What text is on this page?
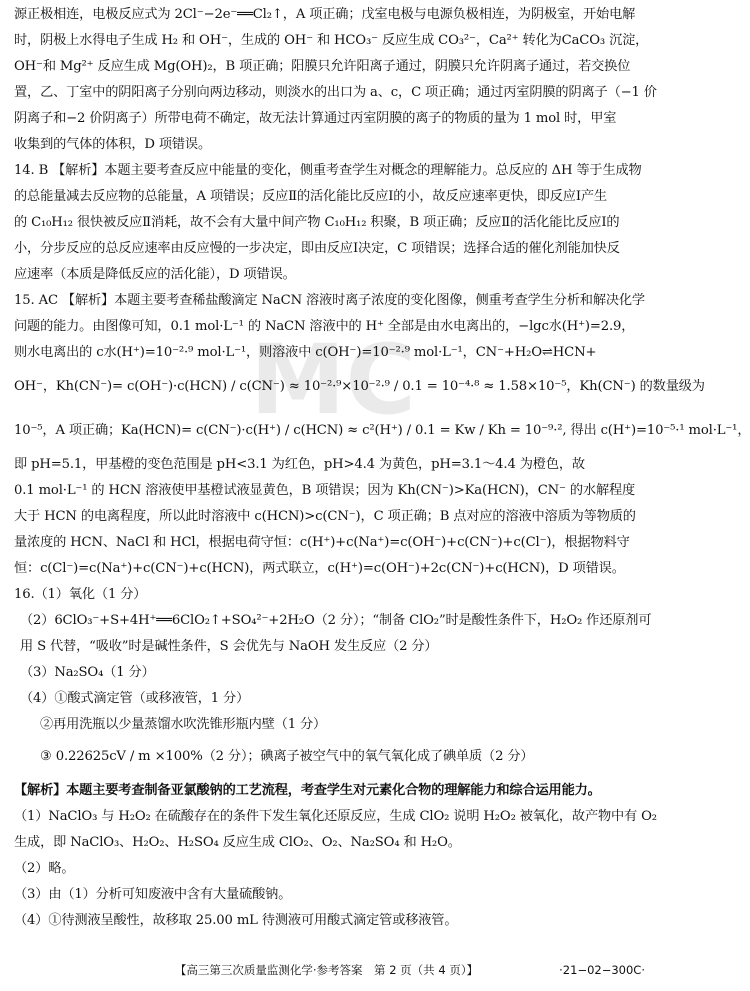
MC
源正极相连，电极反应式为 2Cl⁻−2e⁻══Cl₂↑，A 项正确；戊室电极与电源负极相连，为阴极室，开始电解
时，阴极上水得电子生成 H₂ 和 OH⁻，生成的 OH⁻ 和 HCO₃⁻ 反应生成 CO₃²⁻，Ca²⁺ 转化为CaCO₃ 沉淀，
OH⁻和 Mg²⁺ 反应生成 Mg(OH)₂，B 项正确；阳膜只允许阳离子通过，阴膜只允许阴离子通过，若交换位
置，乙、丁室中的阴阳离子分别向两边移动，则淡水的出口为 a、c，C 项正确；通过丙室阴膜的阴离子（−1 价
阴离子和−2 价阴离子）所带电荷不确定，故无法计算通过丙室阴膜的离子的物质的量为 1 mol 时，甲室
收集到的气体的体积，D 项错误。
14. B 【解析】本题主要考查反应中能量的变化，侧重考查学生对概念的理解能力。总反应的 ΔH 等于生成物
的总能量减去反应物的总能量，A 项错误；反应Ⅱ的活化能比反应Ⅰ的小，故反应速率更快，即反应Ⅰ产生
的 C₁₀H₁₂ 很快被反应Ⅱ消耗，故不会有大量中间产物 C₁₀H₁₂ 积聚，B 项正确；反应Ⅱ的活化能比反应Ⅰ的
小，分步反应的总反应速率由反应慢的一步决定，即由反应Ⅰ决定，C 项错误；选择合适的催化剂能加快反
应速率（本质是降低反应的活化能），D 项错误。
15. AC 【解析】本题主要考查稀盐酸滴定 NaCN 溶液时离子浓度的变化图像，侧重考查学生分析和解决化学
问题的能力。由图像可知，0.1 mol·L⁻¹ 的 NaCN 溶液中的 H⁺ 全部是由水电离出的，−lgc水(H⁺)=2.9，
则水电离出的 c水(H⁺)=10⁻²·⁹ mol·L⁻¹，则溶液中 c(OH⁻)=10⁻²·⁹ mol·L⁻¹，CN⁻+H₂O⇌HCN+
OH⁻，Kh(CN⁻)= c(OH⁻)·c(HCN) / c(CN⁻) ≈ 10⁻²·⁹×10⁻²·⁹ / 0.1 = 10⁻⁴·⁸ ≈ 1.58×10⁻⁵，Kh(CN⁻) 的数量级为
10⁻⁵，A 项正确；Ka(HCN)= c(CN⁻)·c(H⁺) / c(HCN) ≈ c²(H⁺) / 0.1 = Kw / Kh = 10⁻⁹·², 得出 c(H⁺)=10⁻⁵·¹ mol·L⁻¹，
即 pH=5.1，甲基橙的变色范围是 pH<3.1 为红色，pH>4.4 为黄色，pH=3.1～4.4 为橙色，故
0.1 mol·L⁻¹ 的 HCN 溶液使甲基橙试液显黄色，B 项错误；因为 Kh(CN⁻)>Ka(HCN)，CN⁻ 的水解程度
大于 HCN 的电离程度，所以此时溶液中 c(HCN)>c(CN⁻)，C 项正确；B 点对应的溶液中溶质为等物质的
量浓度的 HCN、NaCl 和 HCl，根据电荷守恒：c(H⁺)+c(Na⁺)=c(OH⁻)+c(CN⁻)+c(Cl⁻)，根据物料守
恒：c(Cl⁻)=c(Na⁺)+c(CN⁻)+c(HCN)，两式联立，c(H⁺)=c(OH⁻)+2c(CN⁻)+c(HCN)，D 项错误。
16.（1）氧化（1 分）
（2）6ClO₃⁻+S+4H⁺══6ClO₂↑+SO₄²⁻+2H₂O（2 分）；“制备 ClO₂”时是酸性条件下，H₂O₂ 作还原剂可
用 S 代替，“吸收”时是碱性条件，S 会优先与 NaOH 发生反应（2 分）
（3）Na₂SO₄（1 分）
（4）①酸式滴定管（或移液管，1 分）
②再用洗瓶以少量蒸馏水吹洗锥形瓶内壁（1 分）
③ 0.22625cV / m ×100%（2 分）；碘离子被空气中的氧气氧化成了碘单质（2 分）
【解析】本题主要考查制备亚氯酸钠的工艺流程，考查学生对元素化合物的理解能力和综合运用能力。
（1）NaClO₃ 与 H₂O₂ 在硫酸存在的条件下发生氧化还原反应，生成 ClO₂ 说明 H₂O₂ 被氧化，故产物中有 O₂
生成，即 NaClO₃、H₂O₂、H₂SO₄ 反应生成 ClO₂、O₂、Na₂SO₄ 和 H₂O。
（2）略。
（3）由（1）分析可知废液中含有大量硫酸钠。
（4）①待测液呈酸性，故移取 25.00 mL 待测液可用酸式滴定管或移液管。
【高三第三次质量监测化学·参考答案　第 2 页（共 4 页）】	·21−02−300C·
